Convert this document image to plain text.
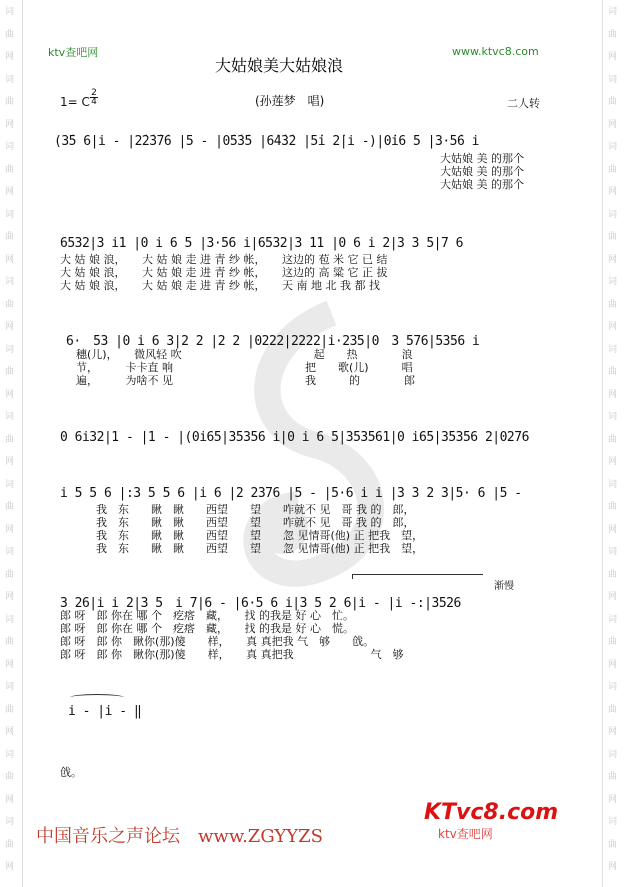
词
曲
网
词
曲
网
词
曲
网
词
曲
网
词
曲
网
词
曲
网
词
曲
网
词
曲
网
词
曲
网
词
曲
网
词
曲
网
词
曲
网
词
曲
网
词
曲
网
词
曲
网
词
曲
网
词
曲
网
词
曲
网
词
曲
网
词
曲
网
词
曲
网
词
曲
网
词
曲
网
词
曲
网
词
曲
网
词
曲
网
ktv查吧网	www.ktvc8.com
大姑娘美大姑娘浪
(孙莲梦　唱)
1= C
2
4	二人转
(3̇5 6|i - |2̇2̇3̇7̇6 |5 - |0̇5̇3̇5 |6̇4̇3̇2 |5̇i 2̇|i -)|0̇i6 5 |3·5̇6 i
大姑娘 美 的那个
大姑娘 美 的那个
大姑娘 美 的那个
6532|3 i1 |0 i 6 5 |3·56 i|6532|3 11 |0 6 i 2|3 3 5|7 6
大 姑 娘 浪，　　大 姑 娘 走 进 青 纱 帐，　　这边的 苞 米 它 已 结
大 姑 娘 浪，　　大 姑 娘 走 进 青 纱 帐，　　这边的 高 粱 它 正 拔
大 姑 娘 浪，　　大 姑 娘 走 进 青 纱 帐，　　天 南 地 北 我 都 找
6·　53 |0 i 6 3|2 2 |2 2 |0222|2222|i·235|0　3 576|5356 i
穗(儿)，　　微风轻 吹　　　　　　　　　　　　起　　热　　　　浪
节，　　　卡卡直 响　　　　　　　　　　　　把　　歌(儿)　　　唱
遍，　　　为啥不 见　　　　　　　　　　　　我　　　的　　　　郎
0 6i32|1 - |1 - |(0i65|35356 i|0 i 6 5|353561|0 i65|35356 2|0276
i 5 5 6 |:3 5 5 6 |i 6 |2 2376 |5 - |5·6 i i |3 3 2 3|5· 6 |5 -
我　东　　瞅　瞅　　西望　　望　　咋就不 见　哥 我 的　郎，
我　东　　瞅　瞅　　西望　　望　　咋就不 见　哥 我 的　郎，
我　东　　瞅　瞅　　西望　　望　　忽 见情哥(他) 正 把我　望，
我　东　　瞅　瞅　　西望　　望　　忽 见情哥(他) 正 把我　望，
渐慢
3 26|i i 2|3 5　i 7|6 - |6·5 6 i|3 5 2 6|i - |i -:|3526
郎 呀　郎 你在 哪 个　疙瘩　藏，　　找 的我是 好 心　忙。
郎 呀　郎 你在 哪 个　疙瘩　藏，　　找 的我是 好 心　慌。
郎 呀　郎 你　瞅你(那)傻　　样，　　真 真把我 气　够　　戗。
郎 呀　郎 你　瞅你(那)傻　　样，　　真 真把我　　　　　　　气　够
i - |i - ‖
戗。
中国音乐之声论坛　www.ZGYYZS
KTvc8.com
ktv查吧网
